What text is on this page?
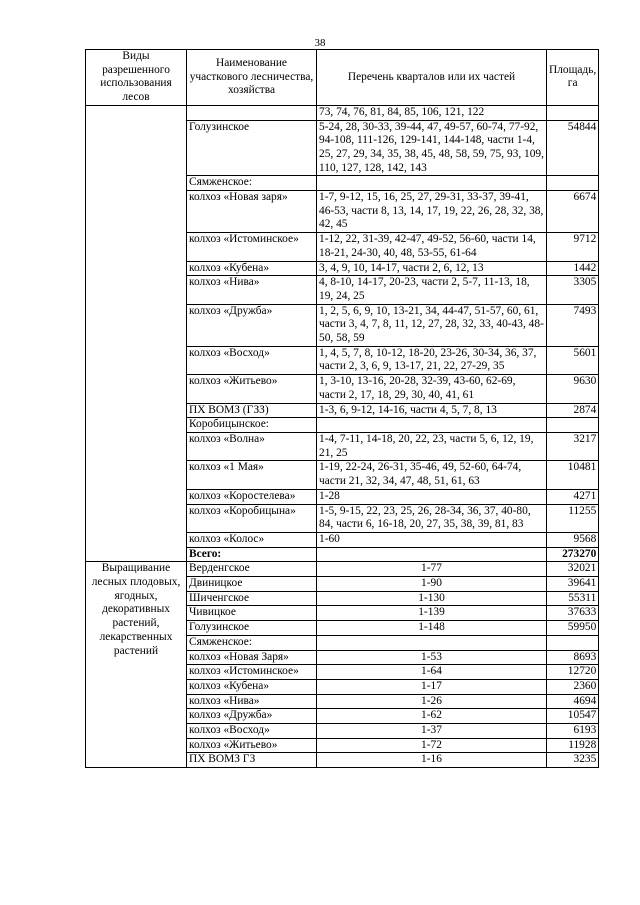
38
Виды разрешенного использования лесов	Наименование участкового лесничества, хозяйства	Перечень кварталов или их частей	Площадь, га
		73, 74, 76, 81, 84, 85, 106, 121, 122	
	Голузинское	5-24, 28, 30-33, 39-44, 47, 49-57, 60-74, 77-92, 94-108, 111-126, 129-141, 144-148, части 1-4, 25, 27, 29, 34, 35, 38, 45, 48, 58, 59, 75, 93, 109, 110, 127, 128, 142, 143	54844
	Сямженское:		
	колхоз «Новая заря»	1-7, 9-12, 15, 16, 25, 27, 29-31, 33-37, 39-41, 46-53, части 8, 13, 14, 17, 19, 22, 26, 28, 32, 38, 42, 45	6674
	колхоз «Истоминское»	1-12, 22, 31-39, 42-47, 49-52, 56-60, части 14, 18-21, 24-30, 40, 48, 53-55, 61-64	9712
	колхоз «Кубена»	3, 4, 9, 10, 14-17, части 2, 6, 12, 13	1442
	колхоз «Нива»	4, 8-10, 14-17, 20-23, части 2, 5-7, 11-13, 18, 19, 24, 25	3305
	колхоз «Дружба»	1, 2, 5, 6, 9, 10, 13-21, 34, 44-47, 51-57, 60, 61, части 3, 4, 7, 8, 11, 12, 27, 28, 32, 33, 40-43, 48-50, 58, 59	7493
	колхоз «Восход»	1, 4, 5, 7, 8, 10-12, 18-20, 23-26, 30-34, 36, 37, части 2, 3, 6, 9, 13-17, 21, 22, 27-29, 35	5601
	колхоз «Житьево»	1, 3-10, 13-16, 20-28, 32-39, 43-60, 62-69, части 2, 17, 18, 29, 30, 40, 41, 61	9630
	ПХ ВОМЗ (ГЗЗ)	1-3, 6, 9-12, 14-16, части 4, 5, 7, 8, 13	2874
	Коробицынское:		
	колхоз «Волна»	1-4, 7-11, 14-18, 20, 22, 23, части 5, 6, 12, 19, 21, 25	3217
	колхоз «1 Мая»	1-19, 22-24, 26-31, 35-46, 49, 52-60, 64-74, части 21, 32, 34, 47, 48, 51, 61, 63	10481
	колхоз «Коростелева»	1-28	4271
	колхоз «Коробицына»	1-5, 9-15, 22, 23, 25, 26, 28-34, 36, 37, 40-80, 84, части 6, 16-18, 20, 27, 35, 38, 39, 81, 83	11255
	колхоз «Колос»	1-60	9568
	Всего:		273270
Выращивание лесных плодовых, ягодных, декоративных растений, лекарственных растений	Верденгское	1-77	32021
	Двиницкое	1-90	39641
	Шиченгское	1-130	55311
	Чивицкое	1-139	37633
	Голузинское	1-148	59950
	Сямженское:		
	колхоз «Новая Заря»	1-53	8693
	колхоз «Истоминское»	1-64	12720
	колхоз «Кубена»	1-17	2360
	колхоз «Нива»	1-26	4694
	колхоз «Дружба»	1-62	10547
	колхоз «Восход»	1-37	6193
	колхоз «Житьево»	1-72	11928
	ПХ ВОМЗ ГЗ	1-16	3235
